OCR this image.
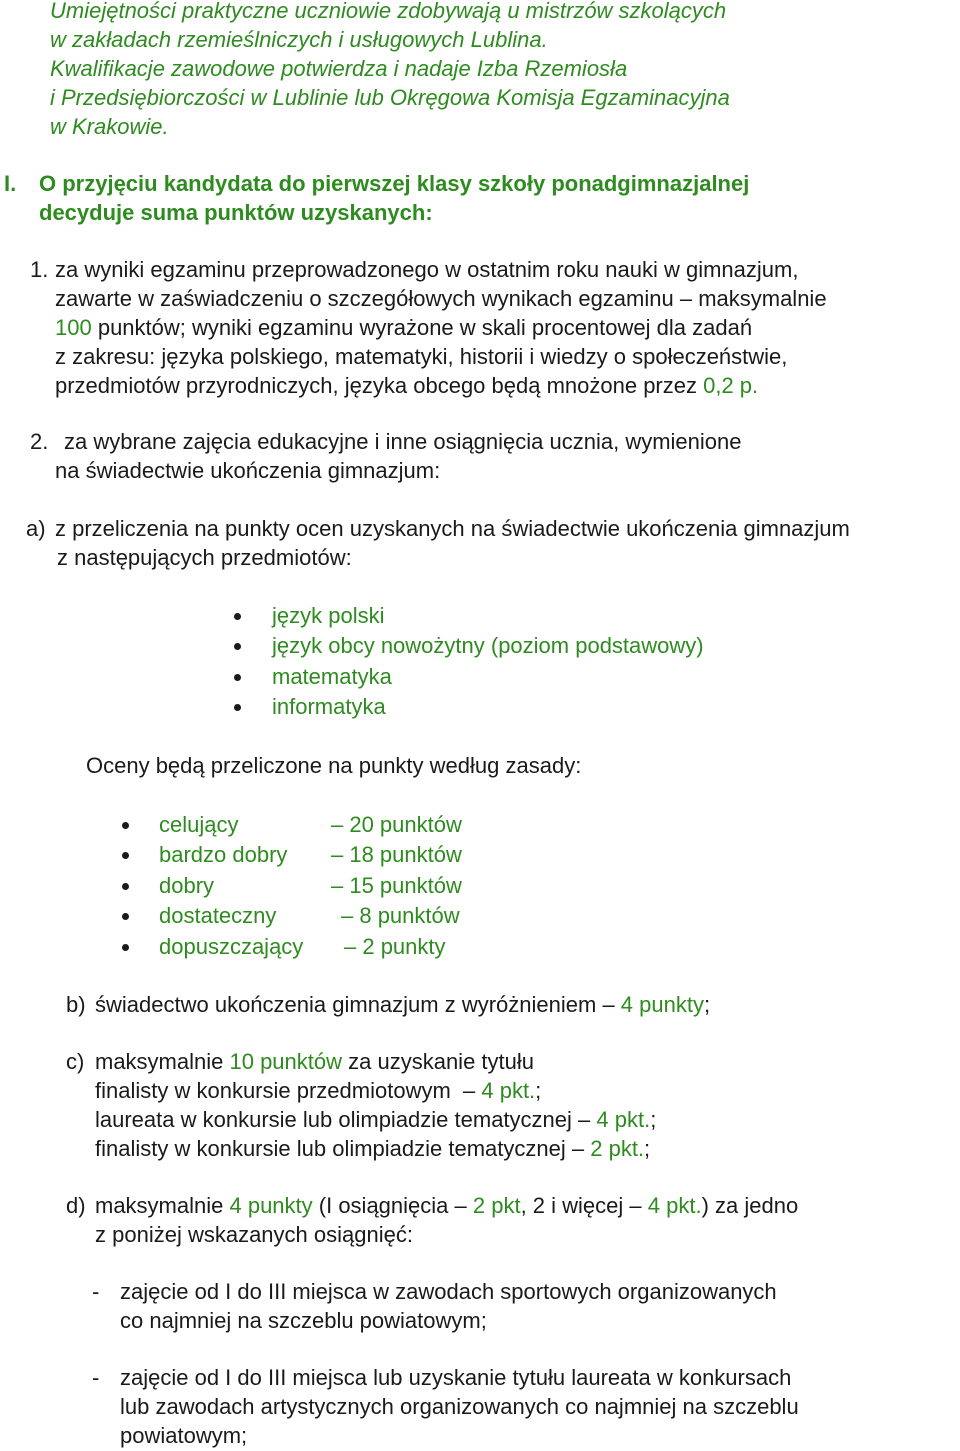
Umiejętności praktyczne uczniowie zdobywają u mistrzów szkolących
w zakładach rzemieślniczych i usługowych Lublina.
Kwalifikacje zawodowe potwierdza i nadaje Izba Rzemiosła
i Przedsiębiorczości w Lublinie lub Okręgowa Komisja Egzaminacyjna
w Krakowie.
I. O przyjęciu kandydata do pierwszej klasy szkoły ponadgimnazjalnej
decyduje suma punktów uzyskanych:
1. za wyniki egzaminu przeprowadzonego w ostatnim roku nauki w gimnazjum,
zawarte w zaświadczeniu o szczegółowych wynikach egzaminu – maksymalnie
100 punktów; wyniki egzaminu wyrażone w skali procentowej dla zadań
z zakresu: języka polskiego, matematyki, historii i wiedzy o społeczeństwie,
przedmiotów przyrodniczych, języka obcego będą mnożone przez 0,2 p.
2. za wybrane zajęcia edukacyjne i inne osiągnięcia ucznia, wymienione
na świadectwie ukończenia gimnazjum:
a) z przeliczenia na punkty ocen uzyskanych na świadectwie ukończenia gimnazjum
z następujących przedmiotów:
język polski
język obcy nowożytny (poziom podstawowy)
matematyka
informatyka
Oceny będą przeliczone na punkty według zasady:
celujący	– 20 punktów
bardzo dobry – 18 punktów
dobry	– 15 punktów
dostateczny	– 8 punktów
dopuszczający – 2 punkty
b) świadectwo ukończenia gimnazjum z wyróżnieniem – 4 punkty;
c) maksymalnie 10 punktów za uzyskanie tytułu
finalisty w konkursie przedmiotowym  – 4 pkt.;
laureata w konkursie lub olimpiadzie tematycznej – 4 pkt.;
finalisty w konkursie lub olimpiadzie tematycznej – 2 pkt.;
d) maksymalnie 4 punkty (I osiągnięcia – 2 pkt, 2 i więcej – 4 pkt.) za jedno
z poniżej wskazanych osiągnięć:
- zajęcie od I do III miejsca w zawodach sportowych organizowanych
co najmniej na szczeblu powiatowym;
- zajęcie od I do III miejsca lub uzyskanie tytułu laureata w konkursach
lub zawodach artystycznych organizowanych co najmniej na szczeblu
powiatowym;
